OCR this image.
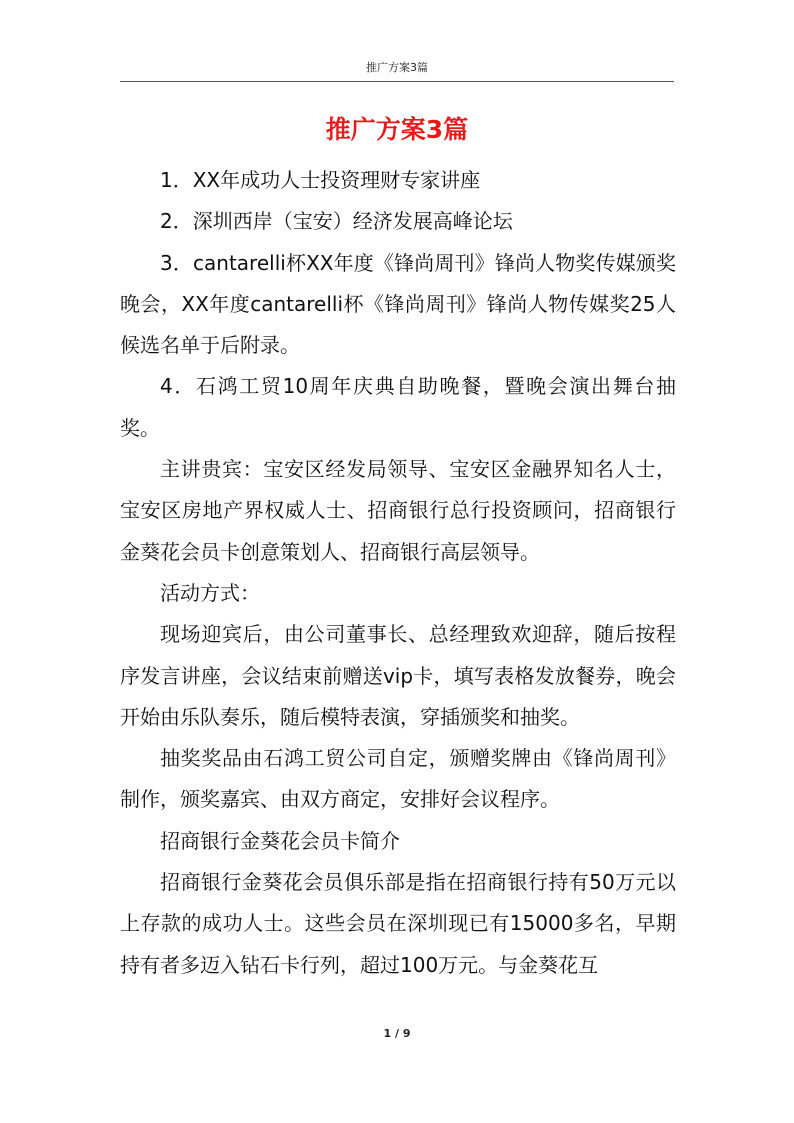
推广方案3篇
推广方案3篇

1．XX年成功人士投资理财专家讲座

2．深圳西岸（宝安）经济发展高峰论坛

3．cantarelli杯XX年度《锋尚周刊》锋尚人物奖传媒颁奖晚会，XX年度cantarelli杯《锋尚周刊》锋尚人物传媒奖25人候选名单于后附录。

4．石鸿工贸10周年庆典自助晚餐，暨晚会演出舞台抽奖。

主讲贵宾：宝安区经发局领导、宝安区金融界知名人士，宝安区房地产界权威人士、招商银行总行投资顾问，招商银行金葵花会员卡创意策划人、招商银行高层领导。

活动方式：

现场迎宾后，由公司董事长、总经理致欢迎辞，随后按程序发言讲座，会议结束前赠送vip卡，填写表格发放餐券，晚会开始由乐队奏乐，随后模特表演，穿插颁奖和抽奖。

抽奖奖品由石鸿工贸公司自定，颁赠奖牌由《锋尚周刊》制作，颁奖嘉宾、由双方商定，安排好会议程序。

招商银行金葵花会员卡简介

招商银行金葵花会员俱乐部是指在招商银行持有50万元以上存款的成功人士。这些会员在深圳现已有15000多名，早期持有者多迈入钻石卡行列，超过100万元。与金葵花互

1 / 9
